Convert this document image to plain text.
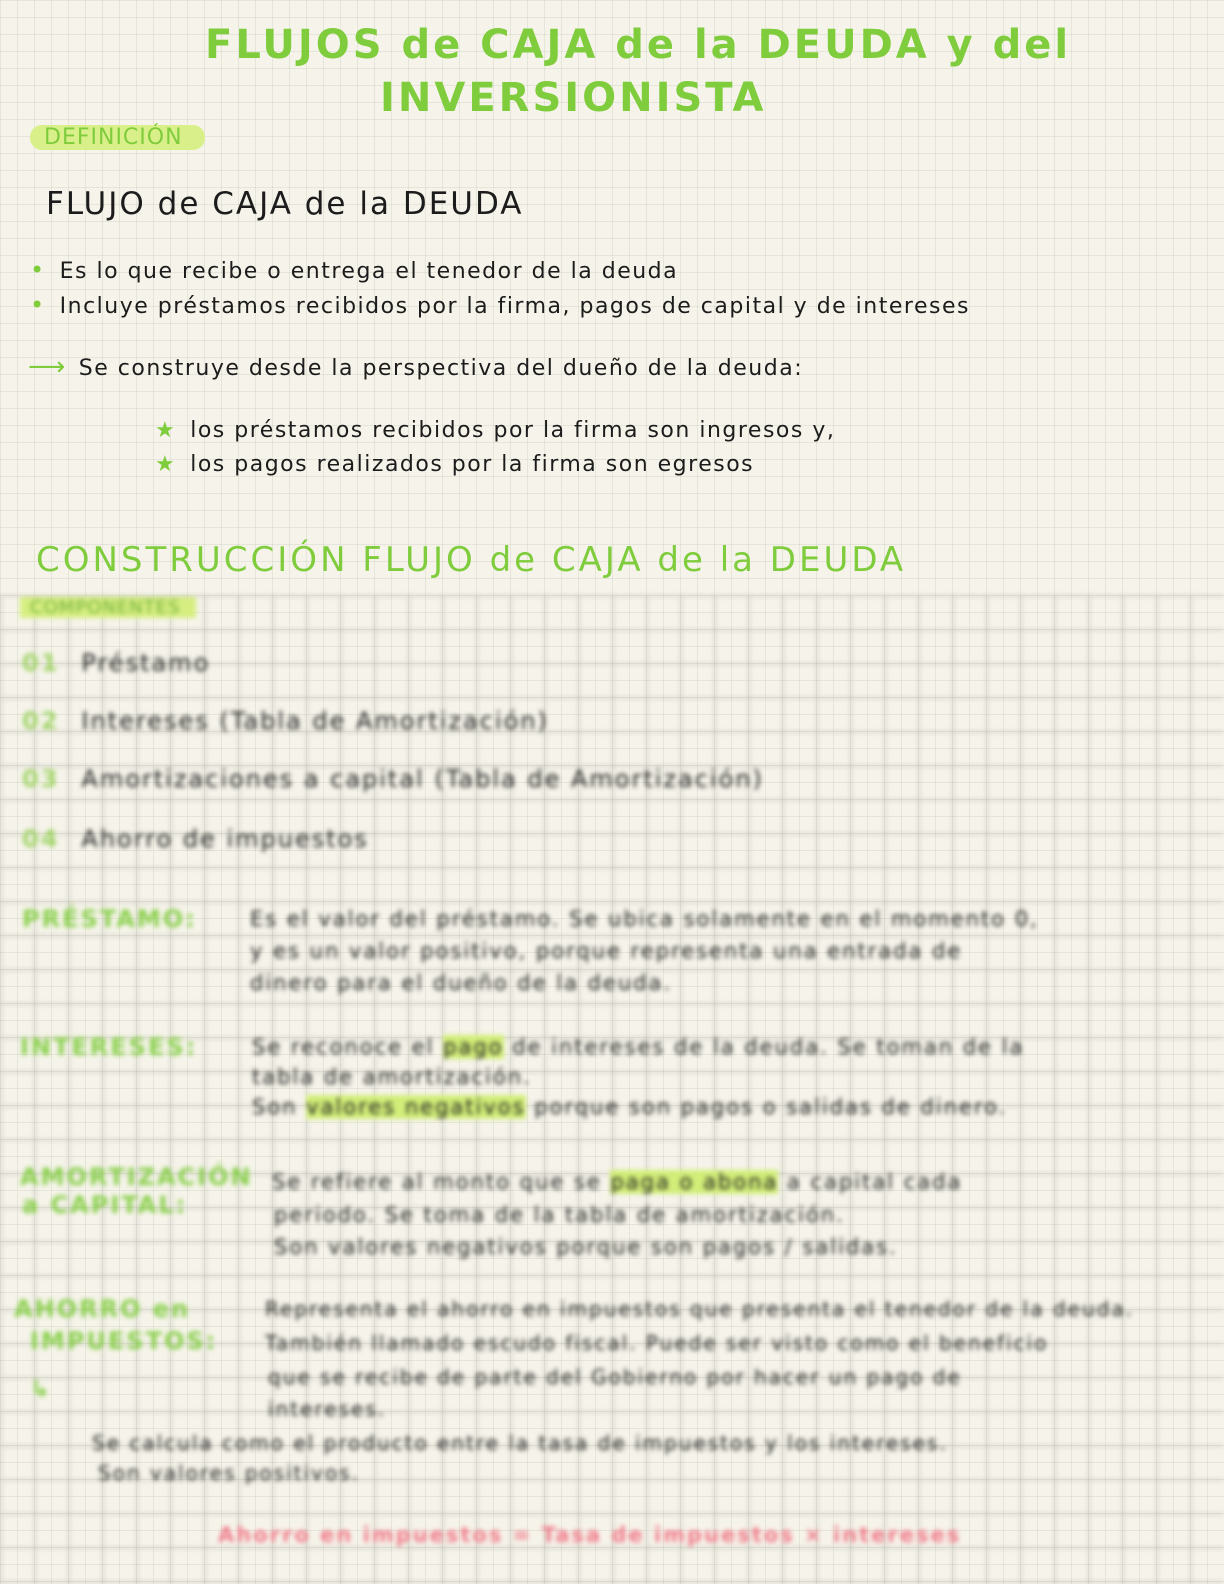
FLUJOS de CAJA de la DEUDA y del
INVERSIONISTA
DEFINICIÓN
FLUJO de CAJA de la DEUDA
• Es lo que recibe o entrega el tenedor de la deuda
• Incluye préstamos recibidos por la firma, pagos de capital y de intereses
⟶ Se construye desde la perspectiva del dueño de la deuda:
★ los préstamos recibidos por la firma son ingresos y,
★ los pagos realizados por la firma son egresos
CONSTRUCCIÓN FLUJO de CAJA de la DEUDA
COMPONENTES
01 Préstamo
02 Intereses (Tabla de Amortización)
03 Amortizaciones a capital (Tabla de Amortización)
04 Ahorro de impuestos
PRÉSTAMO:	Es el valor del préstamo. Se ubica solamente en el momento 0,
y es un valor positivo, porque representa una entrada de
dinero para el dueño de la deuda.
INTERESES:	Se reconoce el pago de intereses de la deuda. Se toman de la
tabla de amortización.
Son valores negativos porque son pagos o salidas de dinero.
AMORTIZACIÓN
a CAPITAL:
Se refiere al monto que se paga o abona a capital cada
periodo. Se toma de la tabla de amortización.
Son valores negativos porque son pagos / salidas.
AHORRO en
IMPUESTOS:
Representa el ahorro en impuestos que presenta el tenedor de la deuda.
También llamado escudo fiscal. Puede ser visto como el beneficio
que se recibe de parte del Gobierno por hacer un pago de
intereses.
↳
Se calcula como el producto entre la tasa de impuestos y los intereses.
Son valores positivos.
Ahorro en impuestos = Tasa de impuestos × intereses
